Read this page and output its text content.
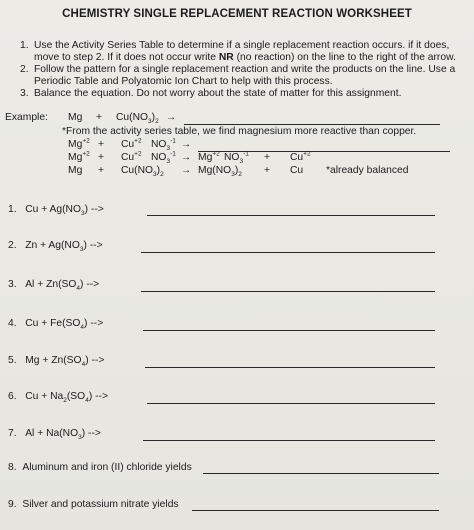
CHEMISTRY SINGLE REPLACEMENT REACTION WORKSHEET
1. Use the Activity Series Table to determine if a single replacement reaction occurs. if it does,
move to step 2. If it does not occur write NR (no reaction) on the line to the right of the arrow.
2. Follow the pattern for a single replacement reaction and write the products on the line. Use a
Periodic Table and Polyatomic Ion Chart to help with this process.
3. Balance the equation. Do not worry about the state of matter for this assignment.
Example: $Mg + Cu(NO_3)_2$ →
*From the activity series table, we find magnesium more reactive than copper.
$Mg^{+2} + Cu^{+2}$ $NO_3^{-1}$ →
$Mg^{+2} + Cu^{+2}$ $NO_3^{-1} \to Mg^{+2}$ $NO_3^{-1} + Cu^{+2}$
$Mg + Cu(NO_3)_2 \to Mg(NO_3)_2 + Cu$ *already balanced
1. $Cu + Ag(NO_3)$ -->
2. $Zn + Ag(NO_3)$ -->
3. $Al + Zn(SO_4)$ -->
4. $Cu + Fe(SO_4)$ -->
5. $Mg + Zn(SO_4)$ -->
6. $Cu + Na_2(SO_4)$ -->
7. $Al + Na(NO_3)$ -->
8. Aluminum and iron (II) chloride yields
9. Silver and potassium nitrate yields
